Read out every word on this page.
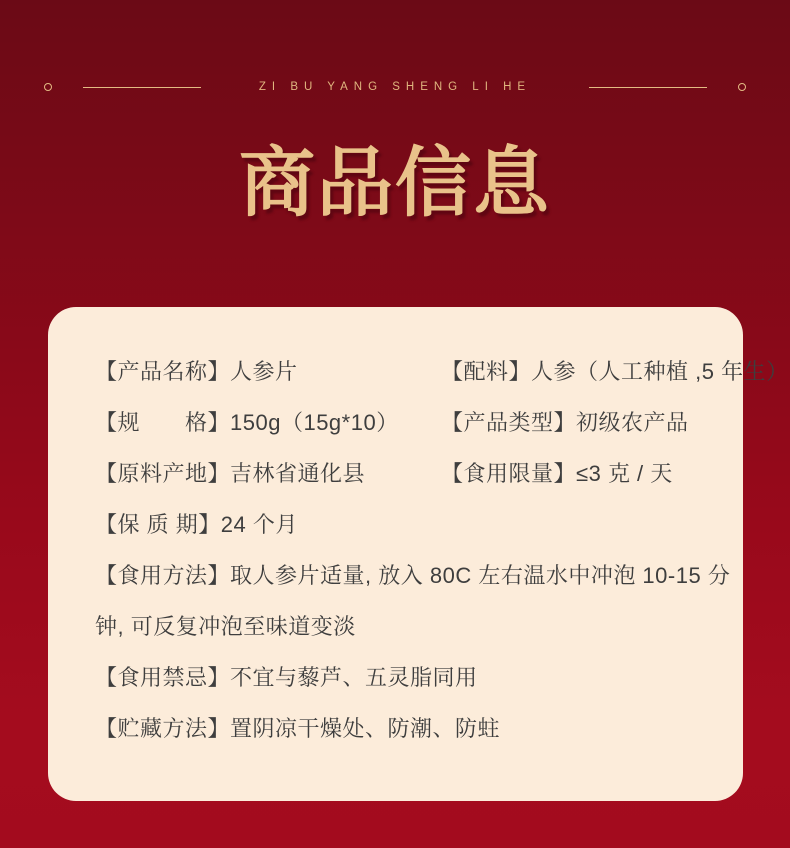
ZI BU YANG SHENG LI HE
商品信息
【产品名称】人参片	【配料】人参（人工种植 ,5 年生）
【规　　格】150g（15g*10）	【产品类型】初级农产品
【原料产地】吉林省通化县	【食用限量】≤3 克 / 天
【保 质 期】 24 个月
【食用方法】 取人参片适量, 放入 80C 左右温水中冲泡 10-15 分
钟, 可反复冲泡至味道变淡
【食用禁忌】 不宜与藜芦、五灵脂同用
【贮藏方法】 置阴凉干燥处、防潮、防蛀
